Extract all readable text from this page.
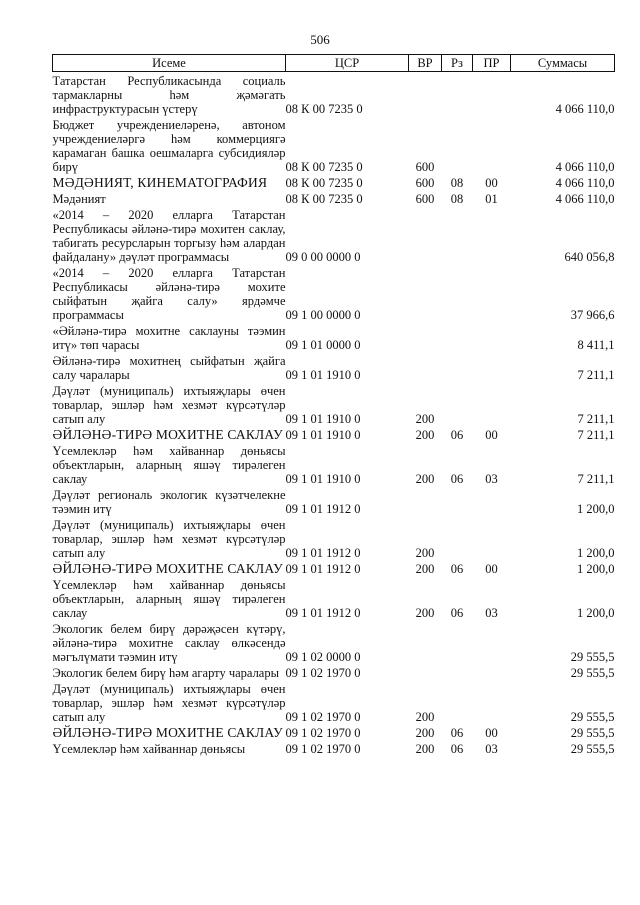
506
Исеме	ЦСР	ВР	Рз	ПР	Суммасы
Татарстан Республикасында социаль тармакларны һәм җәмәгать инфраструктурасын үстерү	08 К 00 7235 0				4 066 110,0
Бюджет учреждениеләренә, автоном учреждениеләргә һәм коммерциягә карамаган башка оешмаларга субсидияләр бирү	08 К 00 7235 0	600			4 066 110,0
МӘДӘНИЯТ, КИНЕМАТОГРАФИЯ	08 К 00 7235 0	600	08	00	4 066 110,0
Мәдәният	08 К 00 7235 0	600	08	01	4 066 110,0
«2014 – 2020 елларга Татарстан Республикасы әйләнә-тирә мохитен саклау, табигать ресурсларын торгызу һәм алардан файдалану» дәүләт программасы	09 0 00 0000 0				640 056,8
«2014 – 2020 елларга Татарстан Республикасы әйләнә-тирә мохите сыйфатын җайга салу» ярдәмче программасы	09 1 00 0000 0				37 966,6
«Әйләнә-тирә мохитне саклауны тәэмин итү» төп чарасы	09 1 01 0000 0				8 411,1
Әйләнә-тирә мохитнең сыйфатын җайга салу чаралары	09 1 01 1910 0				7 211,1
Дәүләт (муниципаль) ихтыяҗлары өчен товарлар, эшләр һәм хезмәт күрсәтүләр сатып алу	09 1 01 1910 0	200			7 211,1
ӘЙЛӘНӘ-ТИРӘ МОХИТНЕ САКЛАУ	09 1 01 1910 0	200	06	00	7 211,1
Үсемлекләр һәм хайваннар дөньясы объектларын, аларның яшәү тирәлеген саклау	09 1 01 1910 0	200	06	03	7 211,1
Дәүләт региональ экологик күзәтчелекне тәэмин итү	09 1 01 1912 0				1 200,0
Дәүләт (муниципаль) ихтыяҗлары өчен товарлар, эшләр һәм хезмәт күрсәтүләр сатып алу	09 1 01 1912 0	200			1 200,0
ӘЙЛӘНӘ-ТИРӘ МОХИТНЕ САКЛАУ	09 1 01 1912 0	200	06	00	1 200,0
Үсемлекләр һәм хайваннар дөньясы объектларын, аларның яшәү тирәлеген саклау	09 1 01 1912 0	200	06	03	1 200,0
Экологик белем бирү дәрәҗәсен күтәрү, әйләнә-тирә мохитне саклау өлкәсендә мәгълүмати тәэмин итү	09 1 02 0000 0				29 555,5
Экологик белем бирү һәм агарту чаралары	09 1 02 1970 0				29 555,5
Дәүләт (муниципаль) ихтыяҗлары өчен товарлар, эшләр һәм хезмәт күрсәтүләр сатып алу	09 1 02 1970 0	200			29 555,5
ӘЙЛӘНӘ-ТИРӘ МОХИТНЕ САКЛАУ	09 1 02 1970 0	200	06	00	29 555,5
Үсемлекләр һәм хайваннар дөньясы	09 1 02 1970 0	200	06	03	29 555,5
